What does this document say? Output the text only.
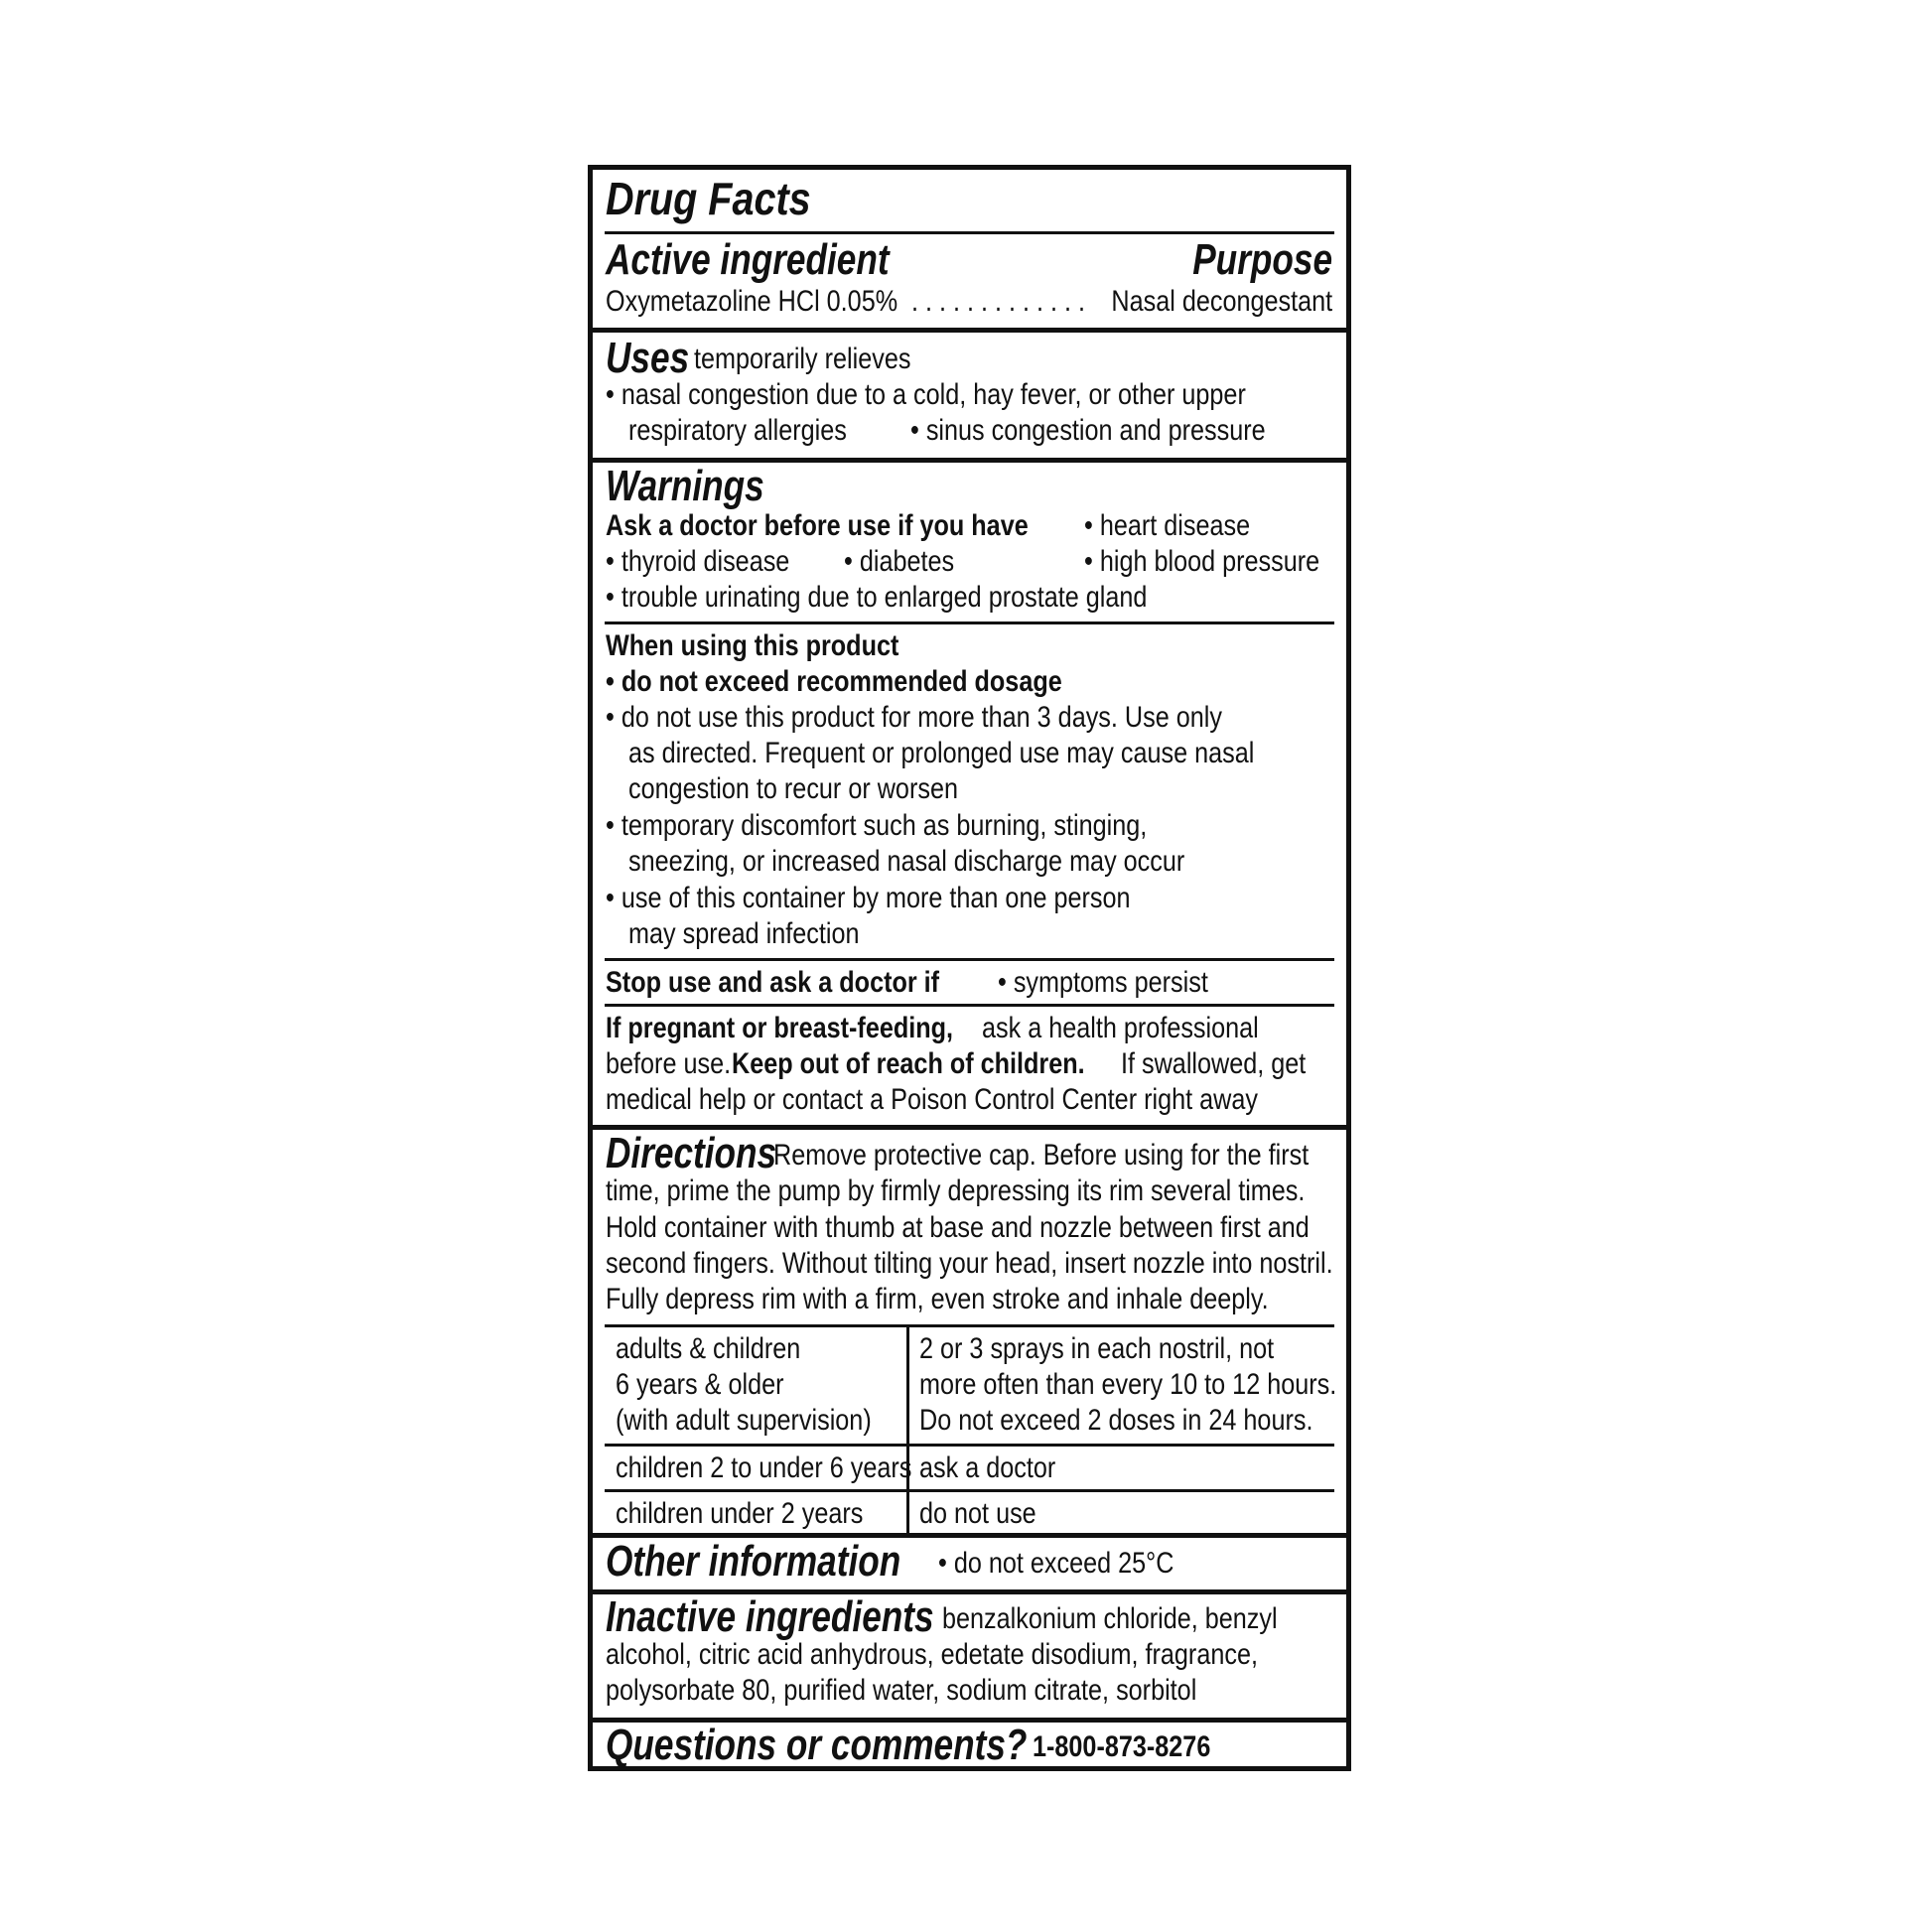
Drug Facts
Active ingredient	Purpose
Oxymetazoline HCl 0.05% . . . . . . . . . . . . . Nasal decongestant
Uses temporarily relieves
• nasal congestion due to a cold, hay fever, or other upper
respiratory allergies • sinus congestion and pressure
Warnings
Ask a doctor before use if you have • heart disease
• thyroid disease • diabetes	• high blood pressure
• trouble urinating due to enlarged prostate gland
When using this product
• do not exceed recommended dosage
• do not use this product for more than 3 days. Use only
as directed. Frequent or prolonged use may cause nasal
congestion to recur or worsen
• temporary discomfort such as burning, stinging,
sneezing, or increased nasal discharge may occur
• use of this container by more than one person
may spread infection
Stop use and ask a doctor if • symptoms persist
If pregnant or breast-feeding, ask a health professional
before use. Keep out of reach of children. If swallowed, get
medical help or contact a Poison Control Center right away
Directions
Remove protective cap. Before using for the first
time, prime the pump by firmly depressing its rim several times.
Hold container with thumb at base and nozzle between first and
second fingers. Without tilting your head, insert nozzle into nostril.
Fully depress rim with a firm, even stroke and inhale deeply.
adults & children
6 years & older
(with adult supervision)
2 or 3 sprays in each nostril, not
more often than every 10 to 12 hours.
Do not exceed 2 doses in 24 hours.
children 2 to under 6 years ask a doctor
children under 2 years do not use
Other information • do not exceed 25°C
Inactive ingredients benzalkonium chloride, benzyl
alcohol, citric acid anhydrous, edetate disodium, fragrance,
polysorbate 80, purified water, sodium citrate, sorbitol
Questions or comments? 1-800-873-8276
